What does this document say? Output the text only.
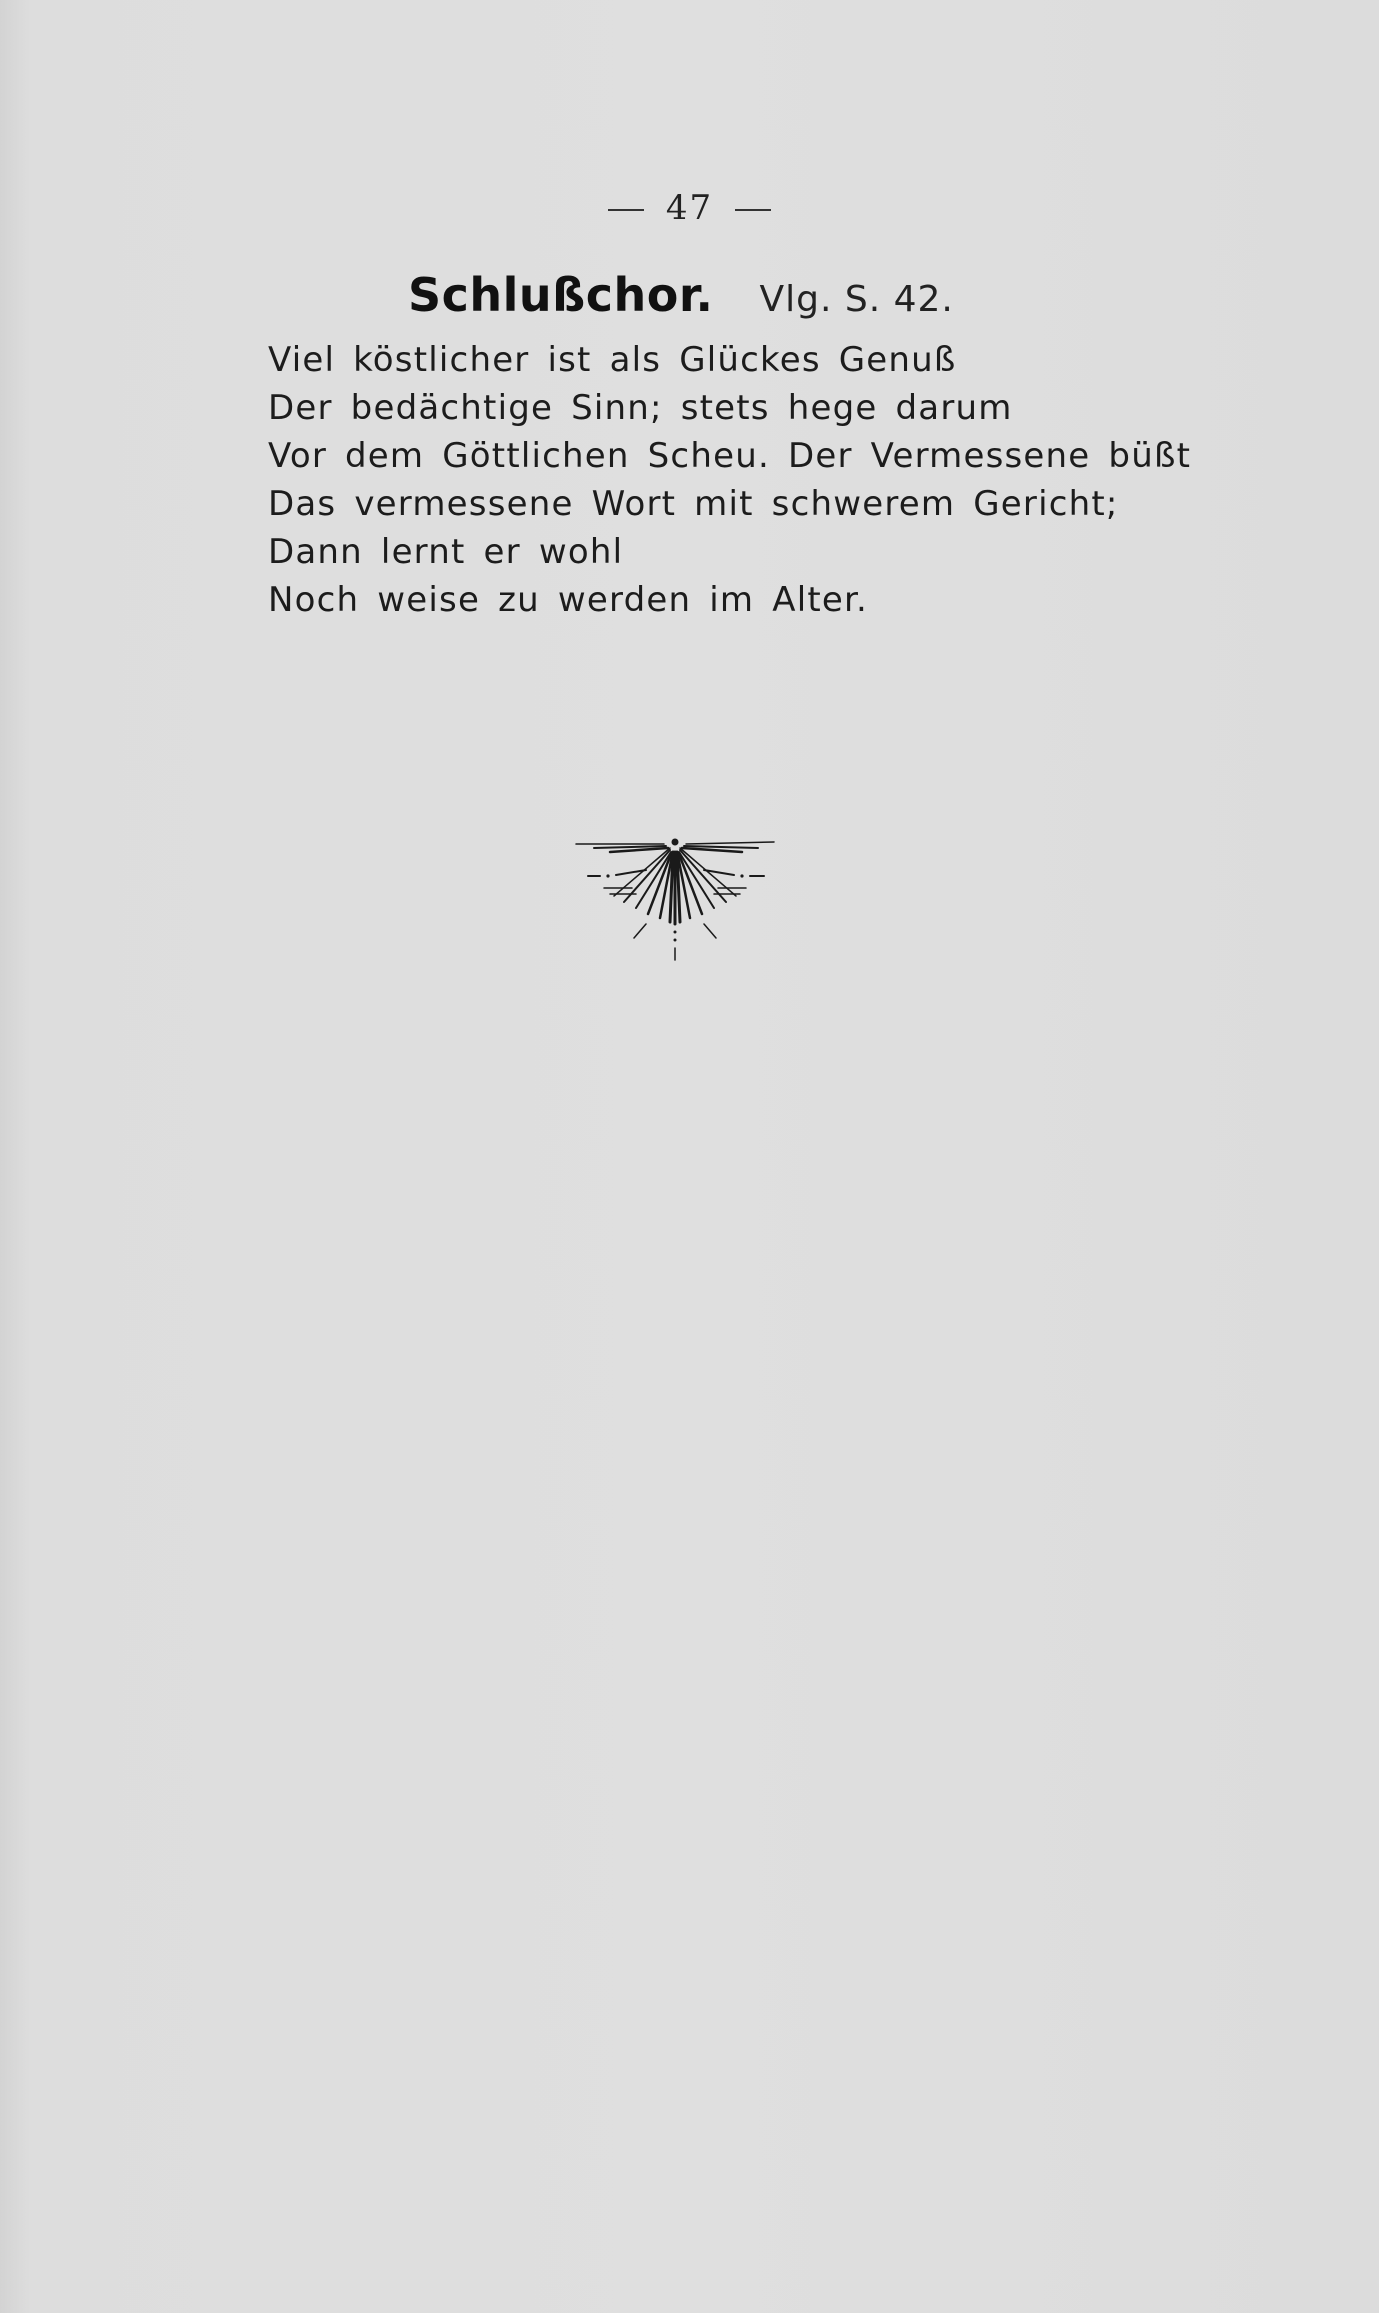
47
Schlußchor. Vlg. S. 42.
Viel köstlicher ist als Glückes Genuß
Der bedächtige Sinn; stets hege darum
Vor dem Göttlichen Scheu. Der Vermessene büßt
Das vermessene Wort mit schwerem Gericht;
Dann lernt er wohl
Noch weise zu werden im Alter.
